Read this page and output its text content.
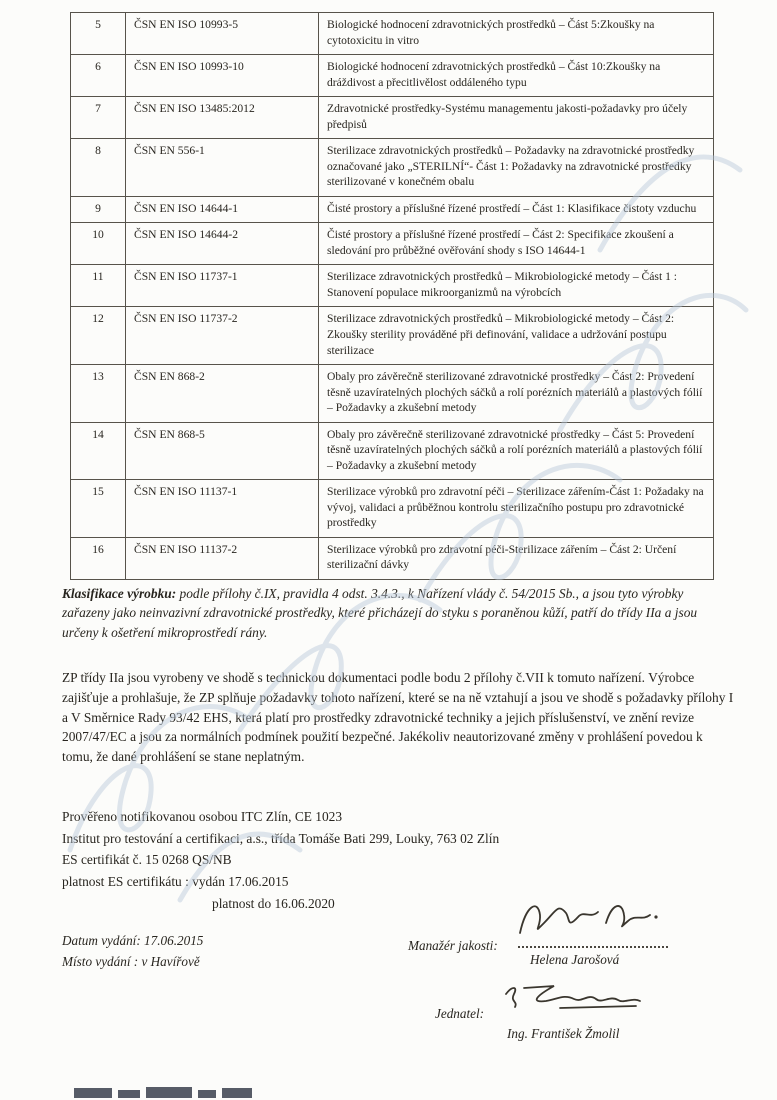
5	ČSN EN ISO 10993-5	Biologické hodnocení zdravotnických prostředků – Část 5:Zkoušky na cytotoxicitu in vitro
6	ČSN EN ISO 10993-10	Biologické hodnocení zdravotnických prostředků – Část 10:Zkoušky na dráždivost a přecitlivělost oddáleného typu
7	ČSN EN ISO 13485:2012	Zdravotnické prostředky-Systému managementu jakosti-požadavky pro účely předpisů
8	ČSN EN 556-1	Sterilizace zdravotnických prostředků – Požadavky na zdravotnické prostředky označované jako „STERILNÍ“- Část 1: Požadavky na zdravotnické prostředky sterilizované v konečném obalu
9	ČSN EN ISO 14644-1	Čisté prostory a příslušné řízené prostředí – Část 1: Klasifikace čistoty vzduchu
10	ČSN EN ISO 14644-2	Čisté prostory a příslušné řízené prostředí – Část 2: Specifikace zkoušení a sledování pro průběžné ověřování shody s ISO 14644-1
11	ČSN EN ISO 11737-1	Sterilizace zdravotnických prostředků – Mikrobiologické metody – Část 1 : Stanovení populace mikroorganizmů na výrobcích
12	ČSN EN ISO 11737-2	Sterilizace zdravotnických prostředků – Mikrobiologické metody – Část 2: Zkoušky sterility prováděné při definování, validace a udržování postupu sterilizace
13	ČSN EN 868-2	Obaly pro závěrečně sterilizované zdravotnické prostředky – Část 2: Provedení těsně uzavíratelných plochých sáčků a rolí porézních materiálů a plastových fólií – Požadavky a zkušební metody
14	ČSN EN 868-5	Obaly pro závěrečně sterilizované zdravotnické prostředky – Část 5: Provedení těsně uzavíratelných plochých sáčků a rolí porézních materiálů a plastových fólií – Požadavky a zkušební metody
15	ČSN EN ISO 11137-1	Sterilizace výrobků pro zdravotní péči – Sterilizace zářením-Část 1: Požadaky na vývoj, validaci a průběžnou kontrolu sterilizačního postupu pro zdravotnické prostředky
16	ČSN EN ISO 11137-2	Sterilizace výrobků pro zdravotní péči-Sterilizace zářením – Část 2: Určení sterilizační dávky
Klasifikace výrobku: podle přílohy č.IX, pravidla 4 odst. 3.4.3., k Nařízení vlády č. 54/2015 Sb., a jsou tyto výrobky zařazeny jako neinvazivní zdravotnické prostředky, které přicházejí do styku s poraněnou kůží, patří do třídy IIa a jsou určeny k ošetření mikroprostředí rány.
ZP třídy IIa jsou vyrobeny ve shodě s technickou dokumentaci podle bodu 2 přílohy č.VII k tomuto nařízení. Výrobce zajišťuje a prohlašuje, že ZP splňuje požadavky tohoto nařízení, které se na ně vztahují a jsou ve shodě s požadavky přílohy I a V Směrnice Rady 93/42 EHS, která platí pro prostředky zdravotnické techniky a jejich příslušenství, ve znění revize 2007/47/EC a jsou za normálních podmínek použití bezpečné. Jakékoliv neautorizované změny v prohlášení povedou k tomu, že dané prohlášení se stane neplatným.
Prověřeno notifikovanou osobou ITC Zlín, CE 1023
Institut pro testování a certifikaci, a.s., třída Tomáše Bati 299, Louky, 763 02 Zlín
ES certifikát č. 15 0268 QS/NB
platnost ES certifikátu : vydán 17.06.2015
platnost do 16.06.2020
Datum vydání: 17.06.2015
Místo vydání : v Havířově
Manažér jakosti:
Helena Jarošová
Jednatel:
Ing. František Žmolil
